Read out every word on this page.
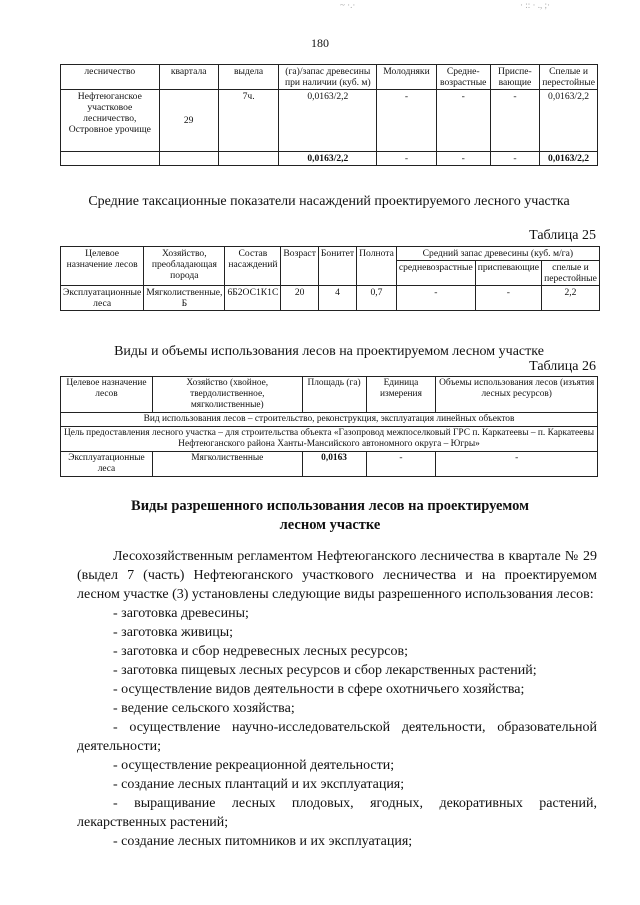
~ ·.·	· :: · ., ;·
180
лесничество	квартала	выдела	(га)/запас древесины при наличии (куб. м)	Молодняки	Средне-возрастные	Приспе-вающие	Спелые и перестойные
Нефтеюганское участковое лесничество, Островное урочище	29	7ч.	0,0163/2,2	-	-	-	0,0163/2,2
			0,0163/2,2	-	-	-	0,0163/2,2
Средние таксационные показатели насаждений проектируемого лесного участка
Таблица 25
Целевое назначение лесов	Хозяйство, преобладающая порода	Состав насаждений	Возраст	Бонитет	Полнота	Средний запас древесины (куб. м/га)		
						средневозрастные	приспевающие	спелые и перестойные
Эксплуатационные леса	Мягколиственные, Б	6Б2ОС1К1С	20	4	0,7	-	-	2,2
Виды и объемы использования лесов на проектируемом лесном участке
Таблица 26
Целевое назначение лесов	Хозяйство (хвойное, твердолиственное, мягколиственные)	Площадь (га)	Единица измерения	Объемы использования лесов (изъятия лесных ресурсов)
Вид использования лесов – строительство, реконструкция, эксплуатация линейных объектов				
Цель предоставления лесного участка – для строительства объекта «Газопровод межпоселковый ГРС п. Каркатеевы – п. Каркатеевы Нефтеюганского района Ханты-Мансийского автономного округа – Югры»				
Эксплуатационные леса	Мягколиственные	0,0163	-	-
Виды разрешенного использования лесов на проектируемом лесном участке

Лесохозяйственным регламентом Нефтеюганского лесничества в квартале № 29 (выдел 7 (часть) Нефтеюганского участкового лесничества и на проектируемом лесном участке (3) установлены следующие виды разрешенного использования лесов:

- заготовка древесины;

- заготовка живицы;

- заготовка и сбор недревесных лесных ресурсов;

- заготовка пищевых лесных ресурсов и сбор лекарственных растений;

- осуществление видов деятельности в сфере охотничьего хозяйства;

- ведение сельского хозяйства;

- осуществление научно-исследовательской деятельности, образовательной деятельности;

- осуществление рекреационной деятельности;

- создание лесных плантаций и их эксплуатация;

- выращивание лесных плодовых, ягодных, декоративных растений, лекарственных растений;

- создание лесных питомников и их эксплуатация;
